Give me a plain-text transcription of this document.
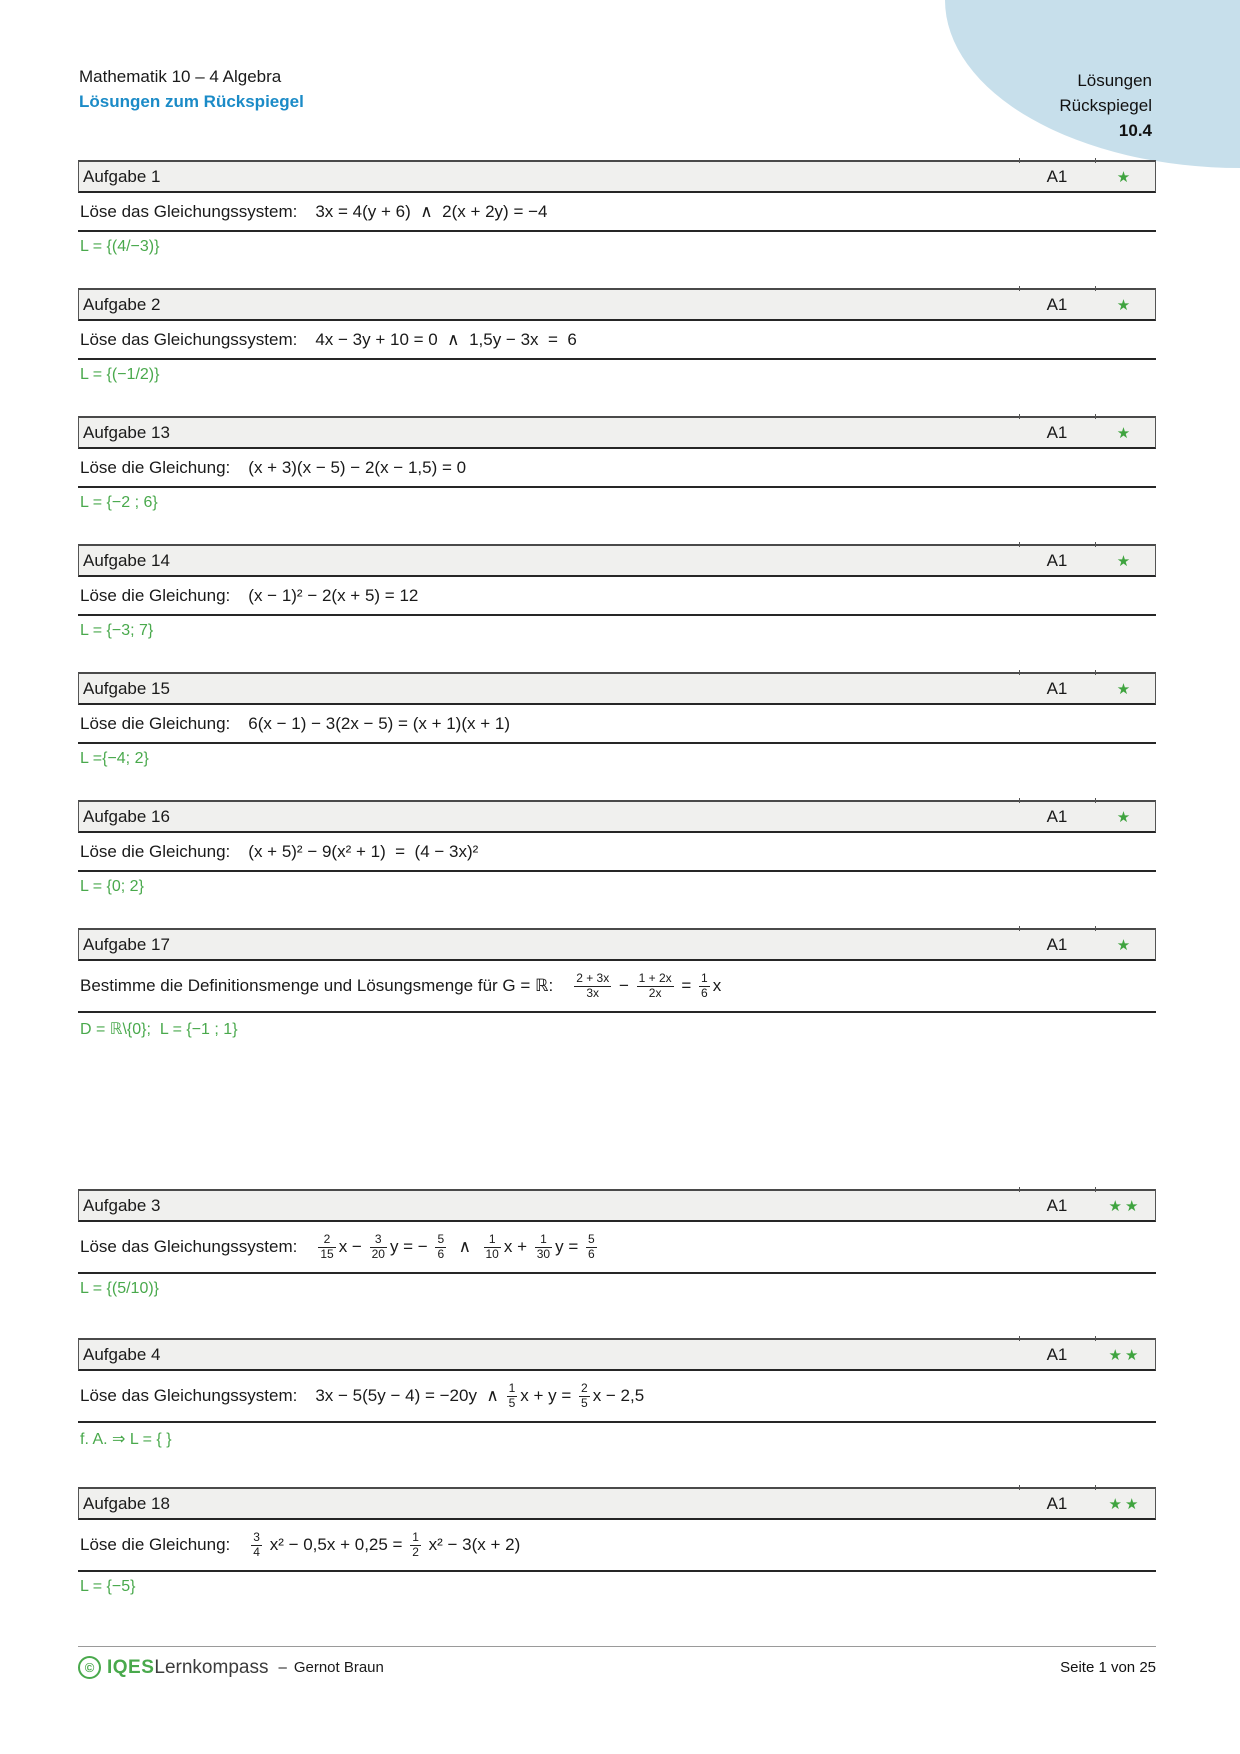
Mathematik 10 – 4 Algebra
Lösungen zum Rückspiegel
Lösungen
Rückspiegel
10.4
Aufgabe 1	A1	★
Löse das Gleichungssystem: 3x = 4(y + 6)  ∧  2(x + 2y) = −4
L = {(4/−3)}
Aufgabe 2	A1	★
Löse das Gleichungssystem: 4x − 3y + 10 = 0  ∧  1,5y − 3x  =  6
L = {(−1/2)}
Aufgabe 13	A1	★
Löse die Gleichung: (x + 3)(x − 5) − 2(x − 1,5) = 0
L = {−2 ; 6}
Aufgabe 14	A1	★
Löse die Gleichung: (x − 1)² − 2(x + 5) = 12
L = {−3; 7}
Aufgabe 15	A1	★
Löse die Gleichung: 6(x − 1) − 3(2x − 5) = (x + 1)(x + 1)
L ={−4; 2}
Aufgabe 16	A1	★
Löse die Gleichung: (x + 5)² − 9(x² + 1)  =  (4 − 3x)²
L = {0; 2}
Aufgabe 17	A1	★
Bestimme die Definitionsmenge und Lösungsmenge für G = ℝ: $\frac{2 + 3x}{3x} - \frac{1 + 2x}{2x} = \frac{1}{6}$ x
D = ℝ\{0};  L = {−1 ; 1}
Aufgabe 3	A1	★★
Löse das Gleichungssystem: $\frac{2}{15}$ $x - \frac{3}{20}$ y = − $\frac{5}{6}$ ∧ $\frac{1}{10}$ $x + \frac{1}{30}$ $y = \frac{5}{6}$
L = {(5/10)}
Aufgabe 4	A1	★★
Löse das Gleichungssystem: 3x − 5(5y − 4) = −20y  ∧ $\frac{1}{5}$ $x + y = \frac{2}{5}$ x − 2,5
f. A. ⇒ L = { }
Aufgabe 18	A1	★★
Löse die Gleichung: $\frac{3}{4} x^2 - 0,5x + 0,25 = \frac{1}{2} x^2 - 3(x + 2)$
L = {−5}
© IQES Lernkompass – Gernot Braun	Seite 1 von 25
